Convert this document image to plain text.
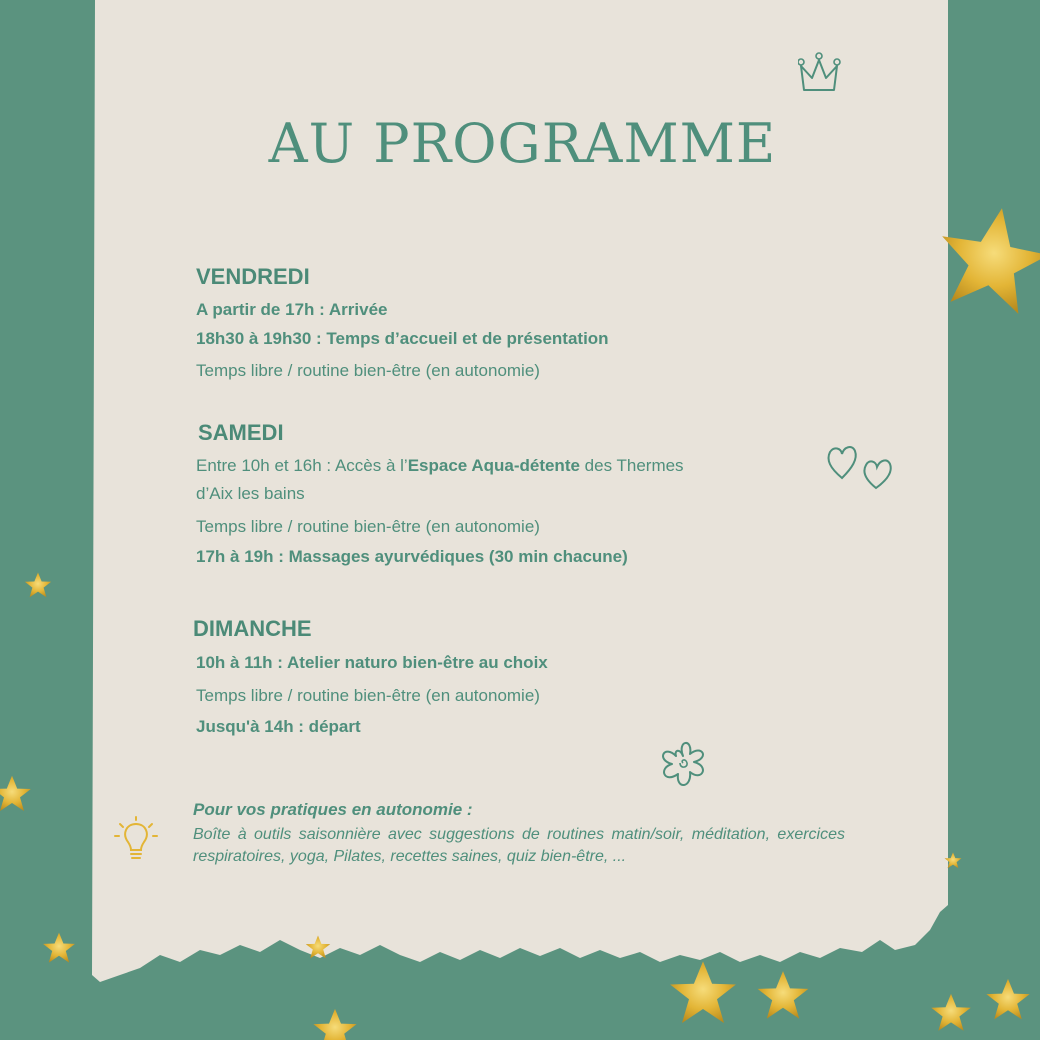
AU PROGRAMME
VENDREDI
A partir de 17h : Arrivée
18h30 à 19h30 : Temps d’accueil et de présentation
Temps libre / routine bien-être (en autonomie)
SAMEDI
Entre 10h et 16h : Accès à l’Espace Aqua-détente des Thermes
d’Aix les bains
Temps libre / routine bien-être (en autonomie)
17h à 19h : Massages ayurvédiques (30 min chacune)
DIMANCHE
10h à 11h : Atelier naturo bien-être au choix
Temps libre / routine bien-être (en autonomie)
Jusqu'à 14h : départ
Pour vos pratiques en autonomie :
Boîte à outils saisonnière avec suggestions de routines matin/soir, méditation, exercices respiratoires, yoga, Pilates, recettes saines, quiz bien-être, ...
